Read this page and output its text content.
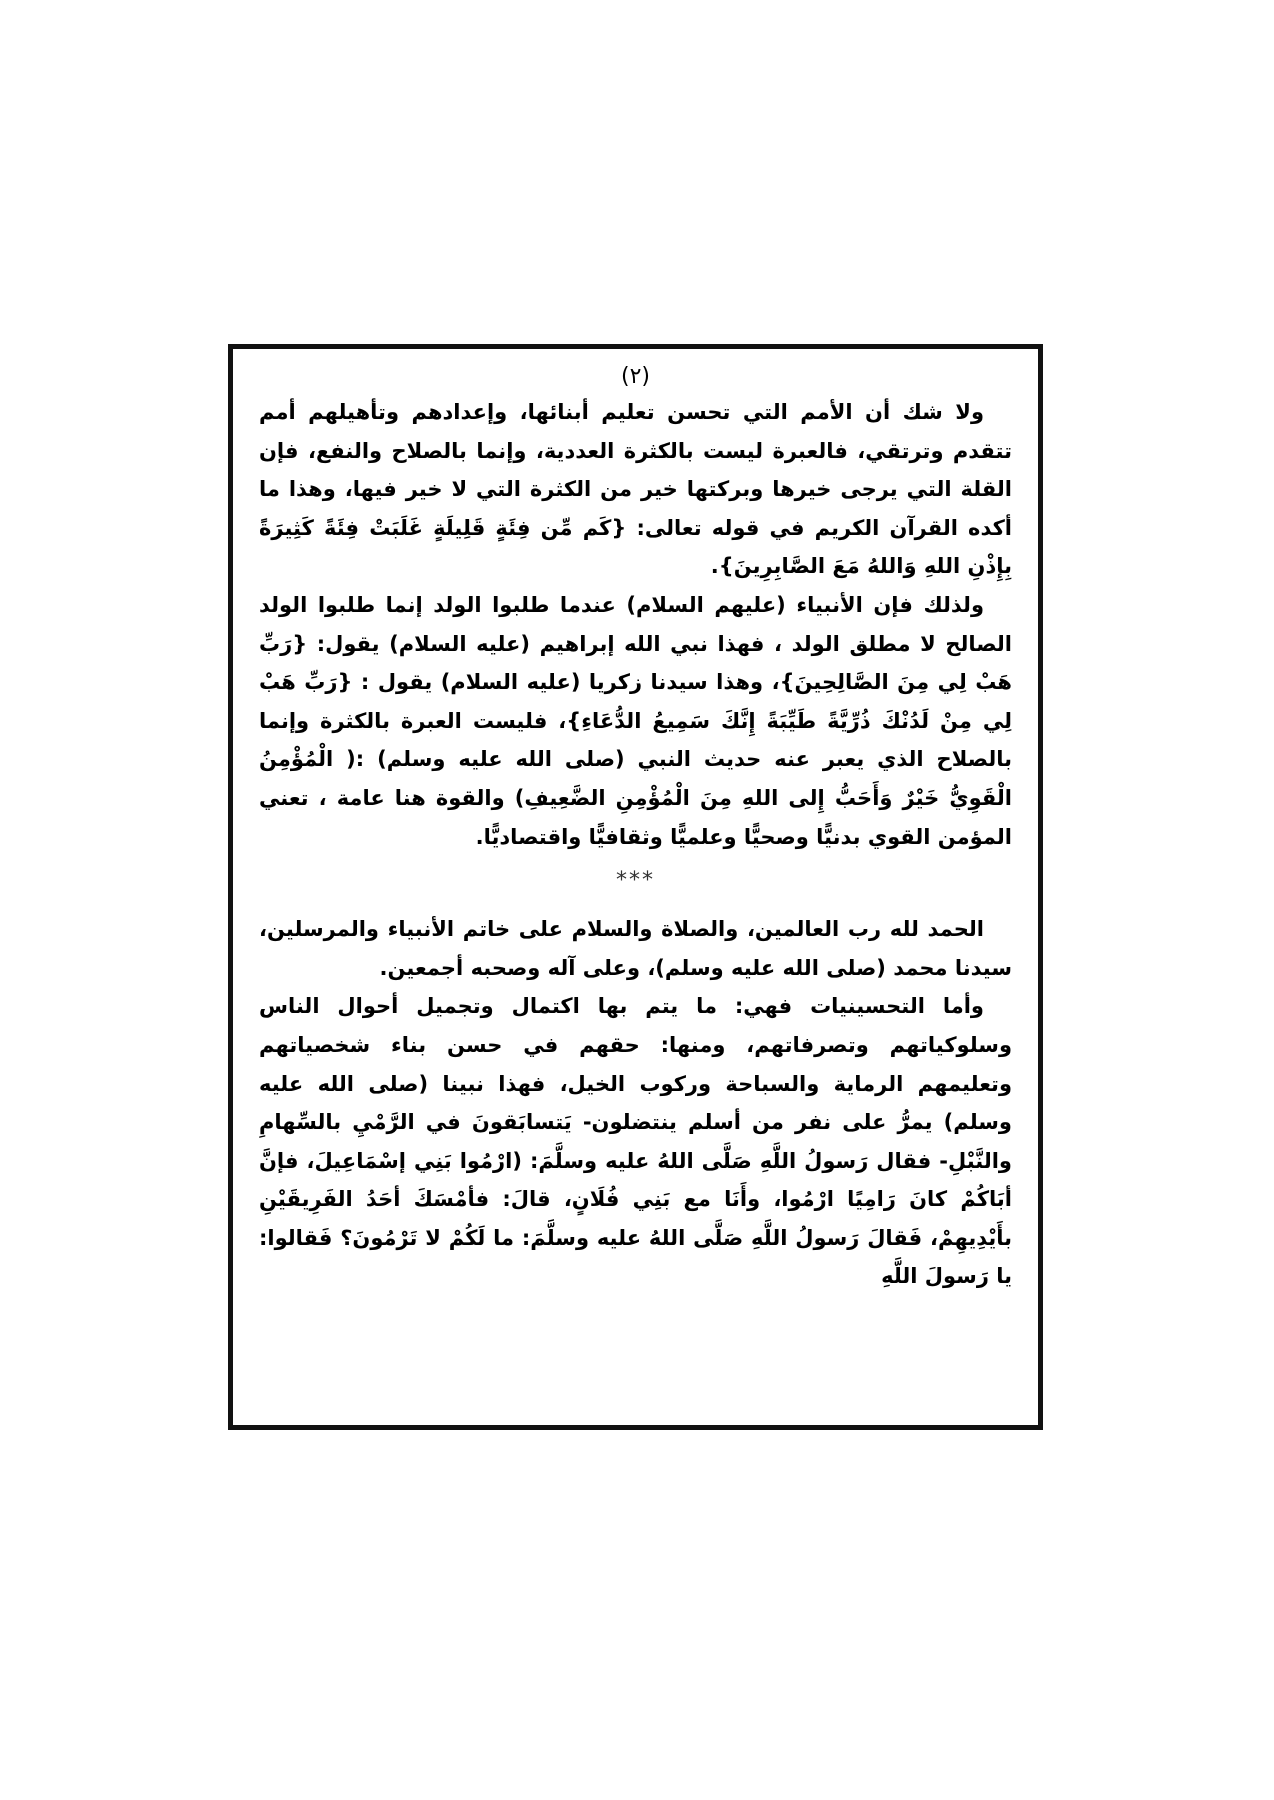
(٢)

ولا شك أن الأمم التي تحسن تعليم أبنائها، وإعدادهم وتأهيلهم أمم تتقدم وترتقي، فالعبرة ليست بالكثرة العددية، وإنما بالصلاح والنفع، فإن القلة التي يرجى خيرها وبركتها خير من الكثرة التي لا خير فيها، وهذا ما أكده القرآن الكريم في قوله تعالى: {كَم مِّن فِئَةٍ قَلِيلَةٍ غَلَبَتْ فِئَةً كَثِيرَةً بِإِذْنِ اللهِ وَاللهُ مَعَ الصَّابِرِينَ}.

ولذلك فإن الأنبياء (عليهم السلام) عندما طلبوا الولد إنما طلبوا الولد الصالح لا مطلق الولد ، فهذا نبي الله إبراهيم (عليه السلام) يقول: {رَبِّ هَبْ لِي مِنَ الصَّالِحِينَ}، وهذا سيدنا زكريا (عليه السلام) يقول : {رَبِّ هَبْ لِي مِنْ لَدُنْكَ ذُرِّيَّةً طَيِّبَةً إِنَّكَ سَمِيعُ الدُّعَاءِ}، فليست العبرة بالكثرة وإنما بالصلاح الذي يعبر عنه حديث النبي (صلى الله عليه وسلم) :( الْمُؤْمِنُ الْقَوِيُّ خَيْرٌ وَأَحَبُّ إِلى اللهِ مِنَ الْمُؤْمِنِ الضَّعِيفِ) والقوة هنا عامة ، تعني المؤمن القوي بدنيًّا وصحيًّا وعلميًّا وثقافيًّا واقتصاديًّا.

***

الحمد لله رب العالمين، والصلاة والسلام على خاتم الأنبياء والمرسلين، سيدنا محمد (صلى الله عليه وسلم)، وعلى آله وصحبه أجمعين.

وأما التحسينيات فهي: ما يتم بها اكتمال وتجميل أحوال الناس وسلوكياتهم وتصرفاتهم، ومنها: حقهم في حسن بناء شخصياتهم وتعليمهم الرماية والسباحة وركوب الخيل، فهذا نبينا (صلى الله عليه وسلم) يمرُّ على نفر من أسلم ينتضلون- يَتسابَقونَ في الرَّمْيِ بالسِّهامِ والنَّبْلِ- فقال رَسولُ اللَّهِ صَلَّى اللهُ عليه وسلَّمَ: (ارْمُوا بَنِي إسْمَاعِيلَ، فإنَّ أبَاكُمْ كانَ رَامِيًا ارْمُوا، وأَنَا مع بَنِي فُلَانٍ، قالَ: فأمْسَكَ أحَدُ الفَرِيقَيْنِ بأَيْدِيهِمْ، فَقالَ رَسولُ اللَّهِ صَلَّى اللهُ عليه وسلَّمَ: ما لَكُمْ لا تَرْمُونَ؟ فَقالوا: يا رَسولَ اللَّهِ
